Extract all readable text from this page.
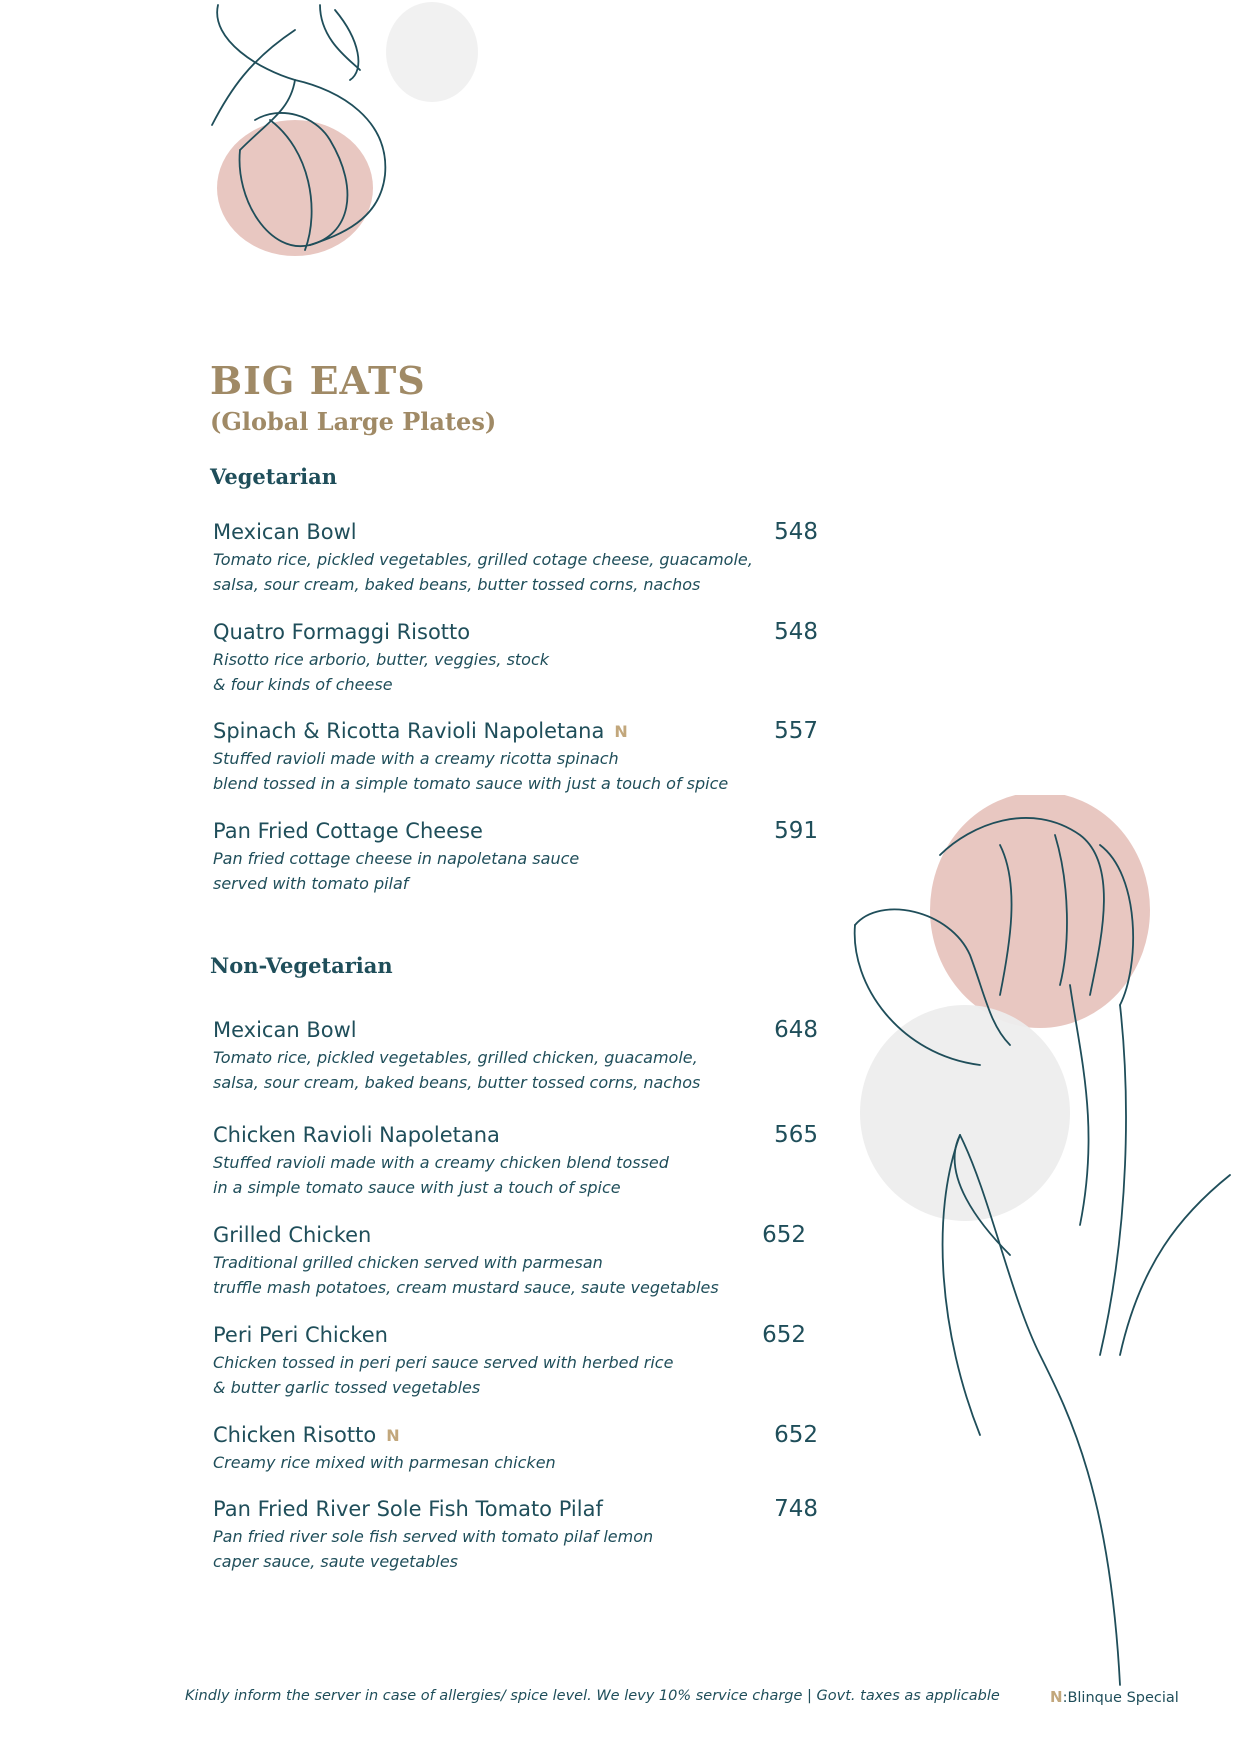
BIG EATS
(Global Large Plates)
Vegetarian
Mexican Bowl	548
Tomato rice, pickled vegetables, grilled cotage cheese, guacamole,
salsa, sour cream, baked beans, butter tossed corns, nachos
Quatro Formaggi Risotto	548
Risotto rice arborio, butter, veggies, stock
& four kinds of cheese
Spinach & Ricotta Ravioli Napoletana N	557
Stuffed ravioli made with a creamy ricotta spinach
blend tossed in a simple tomato sauce with just a touch of spice
Pan Fried Cottage Cheese	591
Pan fried cottage cheese in napoletana sauce
served with tomato pilaf
Non-Vegetarian
Mexican Bowl	648
Tomato rice, pickled vegetables, grilled chicken, guacamole,
salsa, sour cream, baked beans, butter tossed corns, nachos
Chicken Ravioli Napoletana	565
Stuffed ravioli made with a creamy chicken blend tossed
in a simple tomato sauce with just a touch of spice
Grilled Chicken	652
Traditional grilled chicken served with parmesan
truffle mash potatoes, cream mustard sauce, saute vegetables
Peri Peri Chicken	652
Chicken tossed in peri peri sauce served with herbed rice
& butter garlic tossed vegetables
Chicken Risotto N	652
Creamy rice mixed with parmesan chicken
Pan Fried River Sole Fish Tomato Pilaf	748
Pan fried river sole fish served with tomato pilaf lemon
caper sauce, saute vegetables
Kindly inform the server in case of allergies/ spice level. We levy 10% service charge | Govt. taxes as applicable	N:Blinque Special
